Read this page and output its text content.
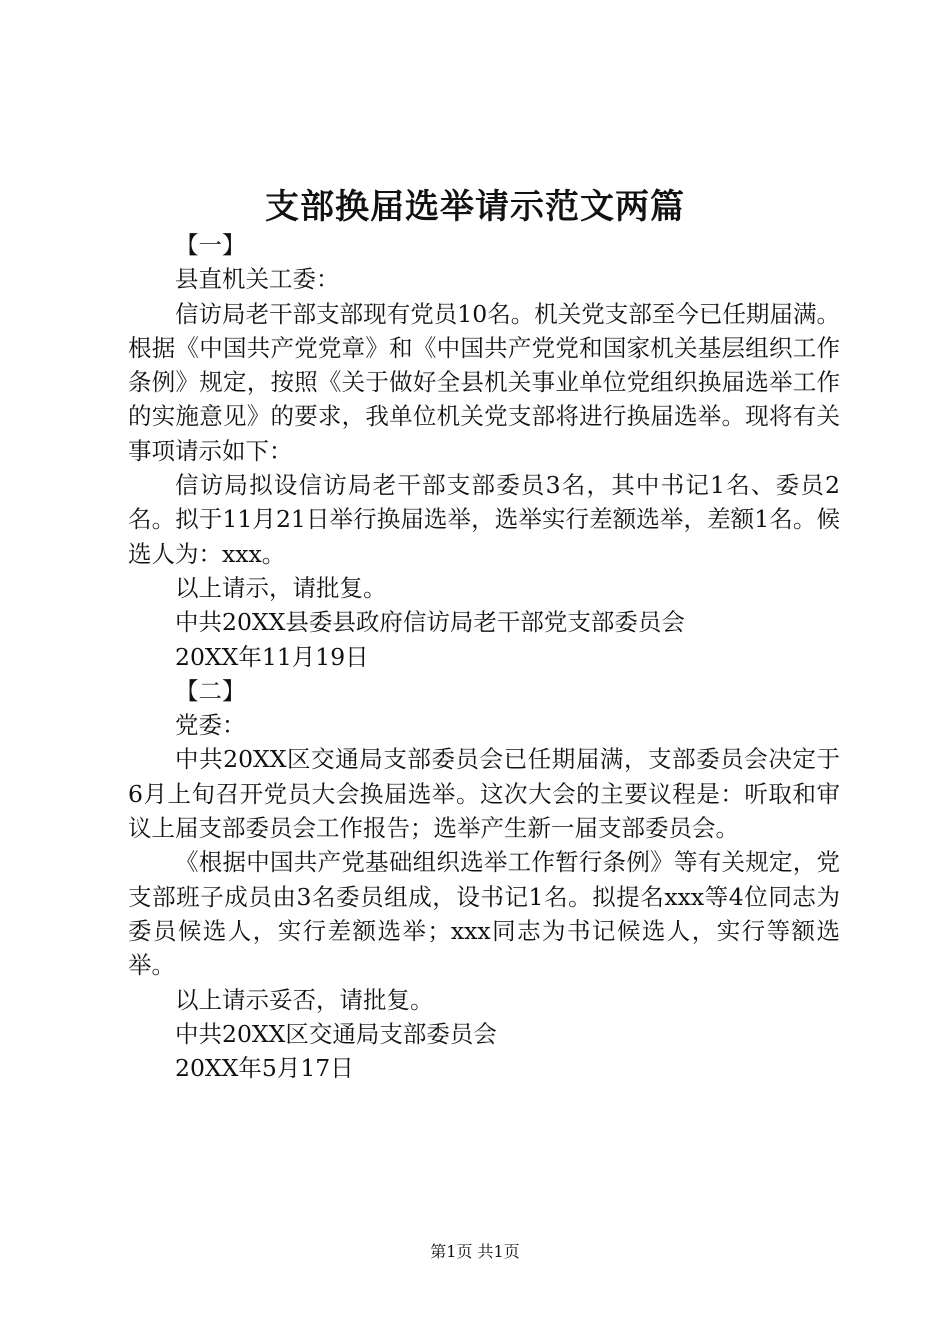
支部换届选举请示范文两篇

【一】

县直机关工委：

信访局老干部支部现有党员10名。机关党支部至今已任期届满。根据《中国共产党党章》和《中国共产党党和国家机关基层组织工作条例》规定，按照《关于做好全县机关事业单位党组织换届选举工作的实施意见》的要求，我单位机关党支部将进行换届选举。现将有关事项请示如下：

信访局拟设信访局老干部支部委员3名，其中书记1名、委员2名。拟于11月21日举行换届选举，选举实行差额选举，差额1名。候选人为：xxx。

以上请示，请批复。

中共20XX县委县政府信访局老干部党支部委员会

20XX年11月19日

【二】

党委：

中共20XX区交通局支部委员会已任期届满，支部委员会决定于6月上旬召开党员大会换届选举。这次大会的主要议程是：听取和审议上届支部委员会工作报告；选举产生新一届支部委员会。

《根据中国共产党基础组织选举工作暂行条例》等有关规定，党支部班子成员由3名委员组成，设书记1名。拟提名xxx等4位同志为委员候选人，实行差额选举；xxx同志为书记候选人，实行等额选举。

以上请示妥否，请批复。

中共20XX区交通局支部委员会

20XX年5月17日

第1页 共1页
